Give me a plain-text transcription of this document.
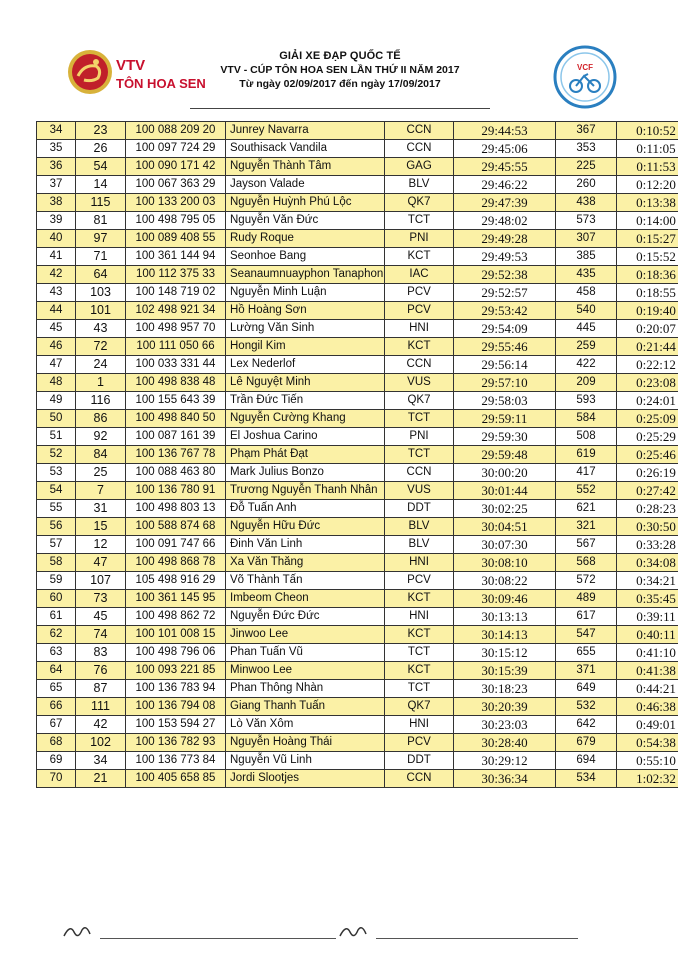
VTV
TÔN HOA SEN
GIẢI XE ĐẠP QUỐC TẾ
VTV - CÚP TÔN HOA SEN LẦN THỨ II NĂM 2017
Từ ngày 02/09/2017 đến ngày 17/09/2017
VCF
34	23	100 088 209 20	Junrey Navarra	CCN	29:44:53	367	0:10:52
35	26	100 097 724 29	Southisack Vandila	CCN	29:45:06	353	0:11:05
36	54	100 090 171 42	Nguyễn Thành Tâm	GAG	29:45:55	225	0:11:53
37	14	100 067 363 29	Jayson Valade	BLV	29:46:22	260	0:12:20
38	115	100 133 200 03	Nguyễn Huỳnh Phú Lộc	QK7	29:47:39	438	0:13:38
39	81	100 498 795 05	Nguyễn Văn Đức	TCT	29:48:02	573	0:14:00
40	97	100 089 408 55	Rudy Roque	PNI	29:49:28	307	0:15:27
41	71	100 361 144 94	Seonhoe Bang	KCT	29:49:53	385	0:15:52
42	64	100 112 375 33	Seanaumnuayphon Tanaphon	IAC	29:52:38	435	0:18:36
43	103	100 148 719 02	Nguyễn Minh Luận	PCV	29:52:57	458	0:18:55
44	101	102 498 921 34	Hồ Hoàng Sơn	PCV	29:53:42	540	0:19:40
45	43	100 498 957 70	Lường Văn Sinh	HNI	29:54:09	445	0:20:07
46	72	100 111 050 66	Hongil Kim	KCT	29:55:46	259	0:21:44
47	24	100 033 331 44	Lex Nederlof	CCN	29:56:14	422	0:22:12
48	1	100 498 838 48	Lê Nguyệt Minh	VUS	29:57:10	209	0:23:08
49	116	100 155 643 39	Trần Đức Tiến	QK7	29:58:03	593	0:24:01
50	86	100 498 840 50	Nguyễn Cường Khang	TCT	29:59:11	584	0:25:09
51	92	100 087 161 39	El Joshua Carino	PNI	29:59:30	508	0:25:29
52	84	100 136 767 78	Phạm Phát Đạt	TCT	29:59:48	619	0:25:46
53	25	100 088 463 80	Mark Julius Bonzo	CCN	30:00:20	417	0:26:19
54	7	100 136 780 91	Trương Nguyễn Thanh Nhân	VUS	30:01:44	552	0:27:42
55	31	100 498 803 13	Đỗ Tuấn Anh	DDT	30:02:25	621	0:28:23
56	15	100 588 874 68	Nguyễn Hữu Đức	BLV	30:04:51	321	0:30:50
57	12	100 091 747 66	Đinh Văn Linh	BLV	30:07:30	567	0:33:28
58	47	100 498 868 78	Xa Văn Thăng	HNI	30:08:10	568	0:34:08
59	107	105 498 916 29	Võ Thành Tấn	PCV	30:08:22	572	0:34:21
60	73	100 361 145 95	Imbeom Cheon	KCT	30:09:46	489	0:35:45
61	45	100 498 862 72	Nguyễn Đức Đức	HNI	30:13:13	617	0:39:11
62	74	100 101 008 15	Jinwoo Lee	KCT	30:14:13	547	0:40:11
63	83	100 498 796 06	Phan Tuấn Vũ	TCT	30:15:12	655	0:41:10
64	76	100 093 221 85	Minwoo Lee	KCT	30:15:39	371	0:41:38
65	87	100 136 783 94	Phan Thông Nhàn	TCT	30:18:23	649	0:44:21
66	111	100 136 794 08	Giang Thanh Tuấn	QK7	30:20:39	532	0:46:38
67	42	100 153 594 27	Lò Văn Xôm	HNI	30:23:03	642	0:49:01
68	102	100 136 782 93	Nguyễn Hoàng Thái	PCV	30:28:40	679	0:54:38
69	34	100 136 773 84	Nguyễn Vũ Linh	DDT	30:29:12	694	0:55:10
70	21	100 405 658 85	Jordi Slootjes	CCN	30:36:34	534	1:02:32
